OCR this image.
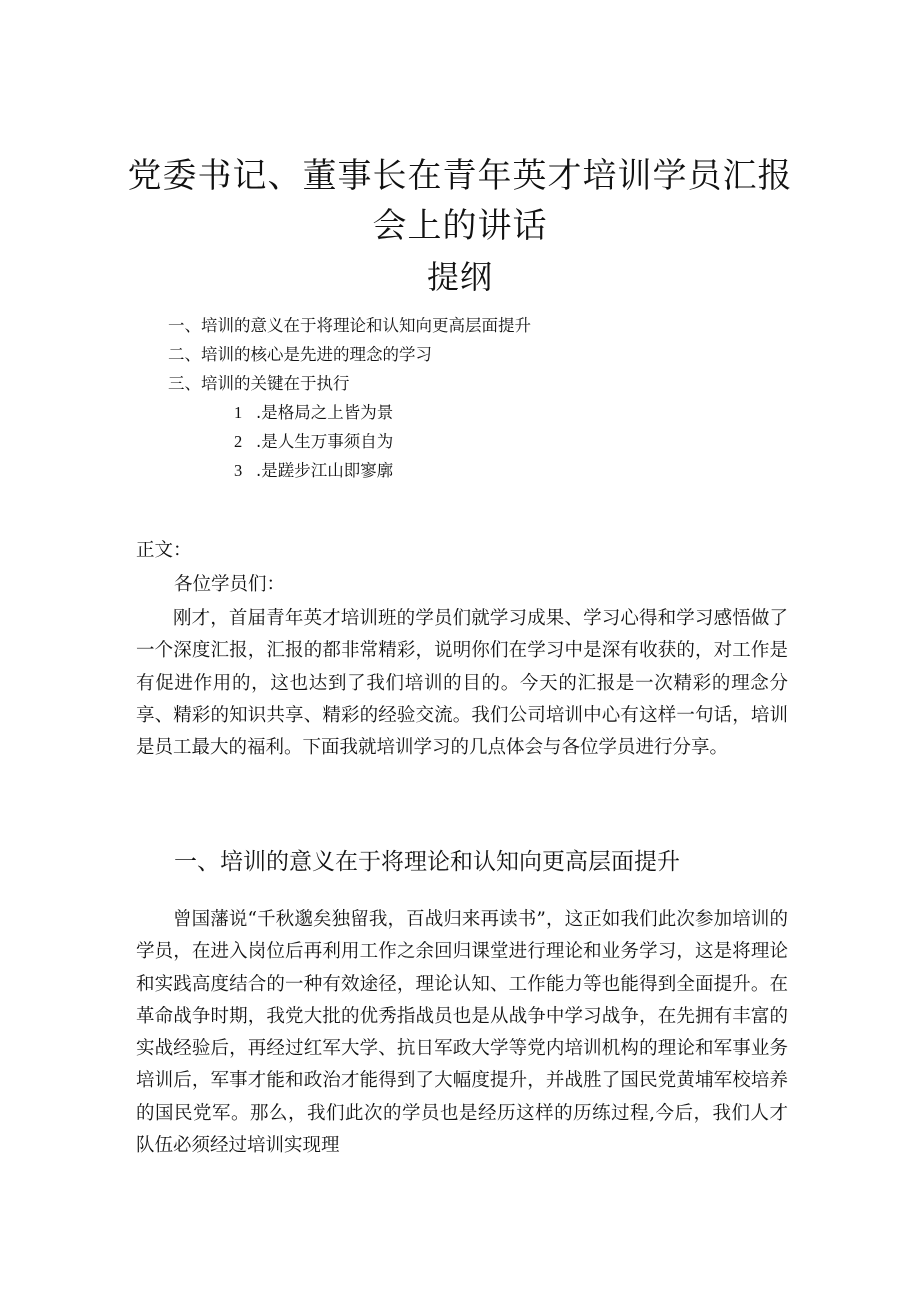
党委书记、董事长在青年英才培训学员汇报
会上的讲话
提纲
一、培训的意义在于将理论和认知向更高层面提升
二、培训的核心是先进的理念的学习
三、培训的关键在于执行
1 .是格局之上皆为景
2 .是人生万事须自为
3 .是蹉步江山即寥廓
正文：
各位学员们：

刚才，首届青年英才培训班的学员们就学习成果、学习心得和学习感悟做了一个深度汇报，汇报的都非常精彩，说明你们在学习中是深有收获的，对工作是有促进作用的，这也达到了我们培训的目的。今天的汇报是一次精彩的理念分享、精彩的知识共享、精彩的经验交流。我们公司培训中心有这样一句话，培训是员工最大的福利。下面我就培训学习的几点体会与各位学员进行分享。

一、培训的意义在于将理论和认知向更高层面提升

曾国藩说“千秋邈矣独留我，百战归来再读书”，这正如我们此次参加培训的学员，在进入岗位后再利用工作之余回归课堂进行理论和业务学习，这是将理论和实践高度结合的一种有效途径，理论认知、工作能力等也能得到全面提升。在革命战争时期，我党大批的优秀指战员也是从战争中学习战争，在先拥有丰富的实战经验后，再经过红军大学、抗日军政大学等党内培训机构的理论和军事业务培训后，军事才能和政治才能得到了大幅度提升，并战胜了国民党黄埔军校培养的国民党军。那么，我们此次的学员也是经历这样的历练过程,今后，我们人才队伍必须经过培训实现理
